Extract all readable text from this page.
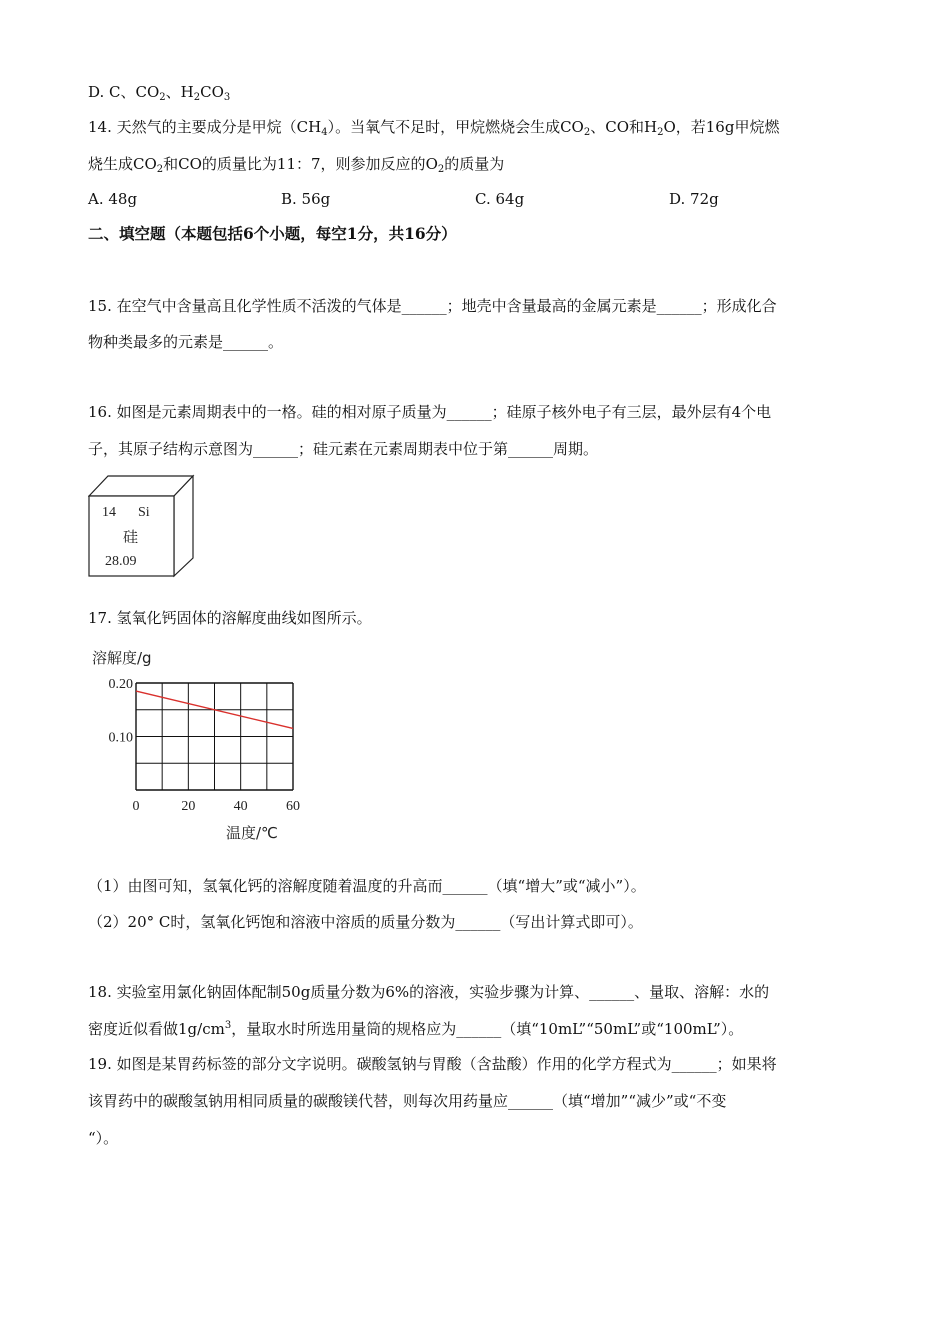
D. C、$CO_2$、$H_2CO_3$
14. 天然气的主要成分是甲烷$(CH_4)$。当氧气不足时，甲烷燃烧会生成$CO_2$、CO和$H_2O$，若16g甲烷燃
烧生成$CO_2$和CO的质量比为11：7，则参加反应的$O_2$的质量为
A. 48g	B. 56g	C. 64g	D. 72g
二、填空题（本题包括6个小题，每空1分，共16分）
15. 在空气中含量高且化学性质不活泼的气体是______；地壳中含量最高的金属元素是______；形成化合
物种类最多的元素是______。
16. 如图是元素周期表中的一格。硅的相对原子质量为______；硅原子核外电子有三层，最外层有4个电
子，其原子结构示意图为______；硅元素在元素周期表中位于第______周期。
14 Si
硅
28.09
17. 氢氧化钙固体的溶解度曲线如图所示。
0.10
0.20
0	20	40	60
溶解度/g
温度/℃
（1）由图可知，氢氧化钙的溶解度随着温度的升高而______（填“增大”或“减小”）。
（2）20° C时，氢氧化钙饱和溶液中溶质的质量分数为______（写出计算式即可）。
18. 实验室用氯化钠固体配制50g质量分数为6%的溶液，实验步骤为计算、______、量取、溶解：水的
密度近似看做$1g/cm^3$，量取水时所选用量筒的规格应为______（填“10mL”“50mL”或“100mL”）。
19. 如图是某胃药标签的部分文字说明。碳酸氢钠与胃酸（含盐酸）作用的化学方程式为______；如果将
该胃药中的碳酸氢钠用相同质量的碳酸镁代替，则每次用药量应______（填“增加”“减少”或“不变
“）。
